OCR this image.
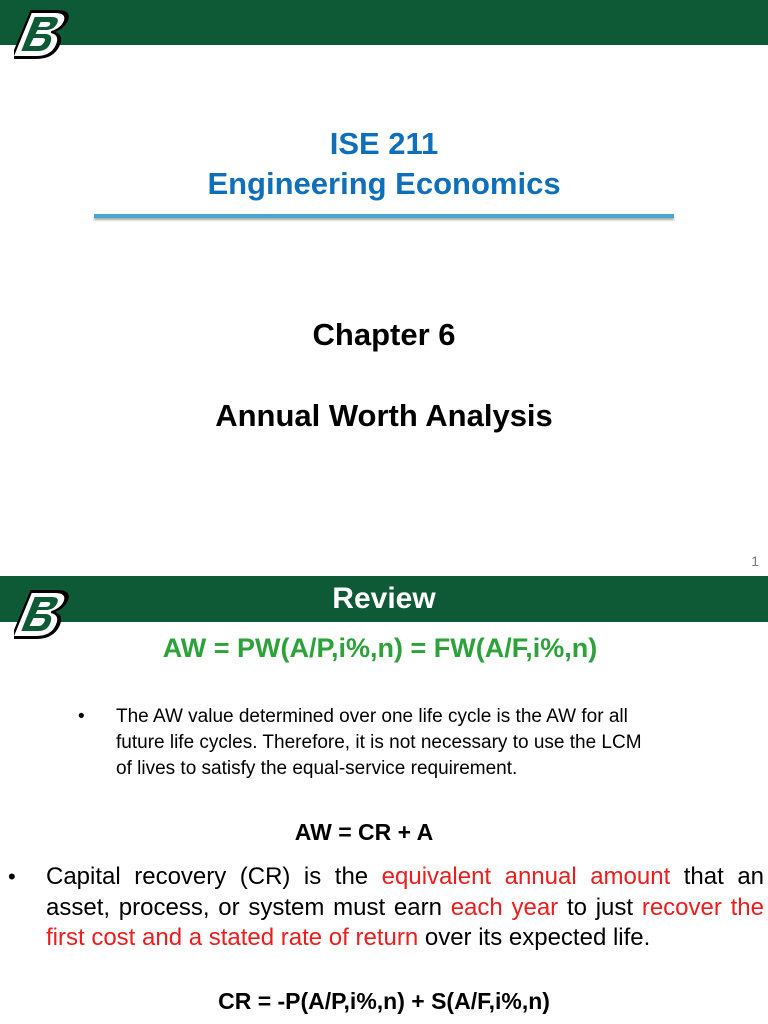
ISE 211
Engineering Economics
Chapter 6
Annual Worth Analysis
1
Review
AW = PW(A/P,i%,n) = FW(A/F,i%,n)
• The AW value determined over one life cycle is the AW for all future life cycles. Therefore, it is not necessary to use the LCM of lives to satisfy the equal-service requirement.
AW = CR + A
• Capital recovery (CR) is the equivalent annual amount that an asset, process, or system must earn each year to just recover the first cost and a stated rate of return over its expected life.
CR = -P(A/P,i%,n) + S(A/F,i%,n)
